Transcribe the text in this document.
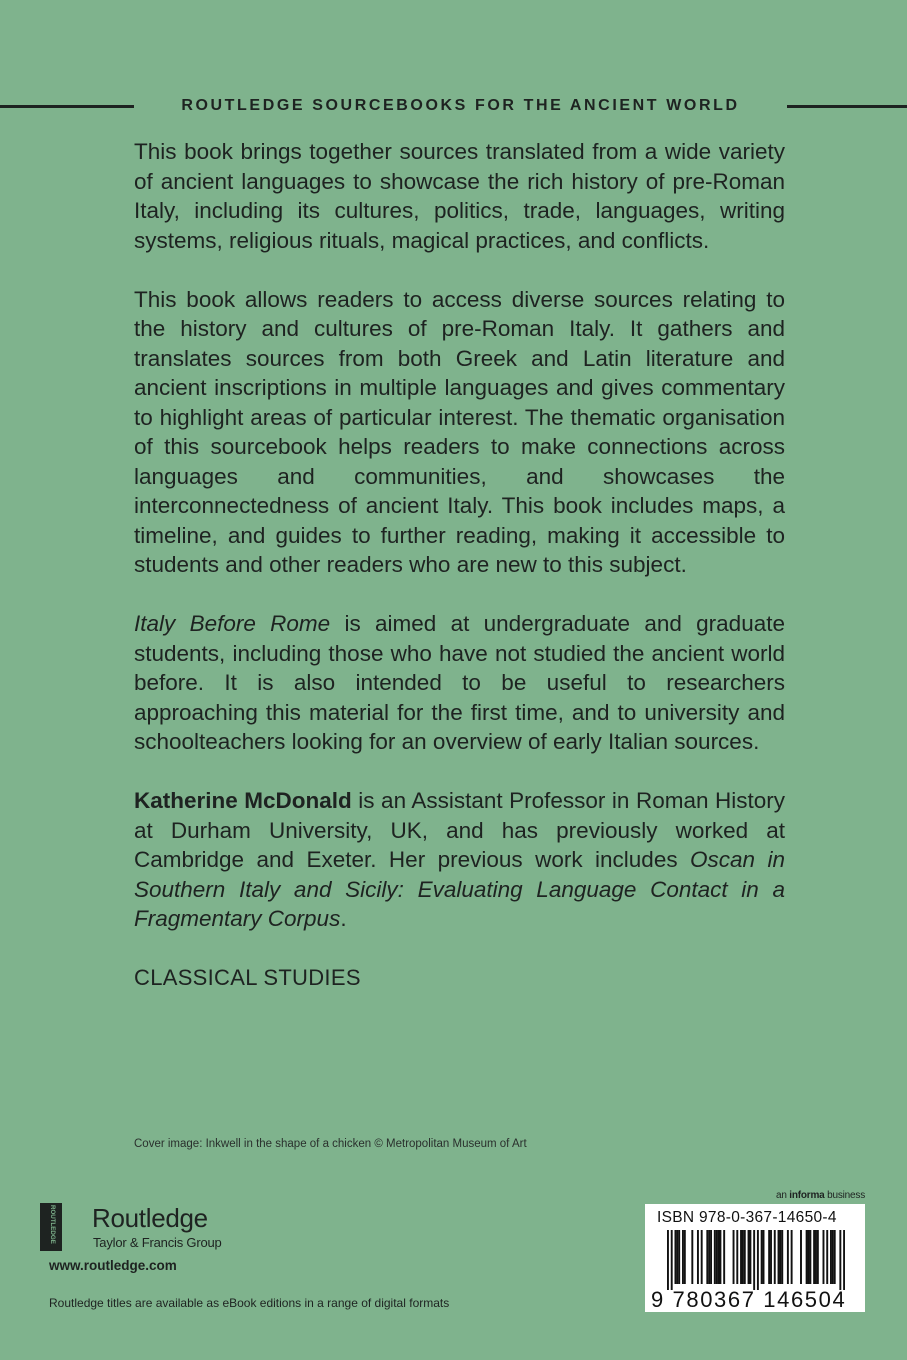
ROUTLEDGE SOURCEBOOKS FOR THE ANCIENT WORLD

This book brings together sources translated from a wide variety of ancient languages to showcase the rich history of pre-Roman Italy, including its cultures, politics, trade, languages, writing systems, religious rituals, magical practices, and conflicts.

This book allows readers to access diverse sources relating to the history and cultures of pre-Roman Italy. It gathers and translates sources from both Greek and Latin literature and ancient inscriptions in multiple languages and gives commentary to highlight areas of particular interest. The thematic organisation of this sourcebook helps readers to make connections across languages and communities, and showcases the interconnectedness of ancient Italy. This book includes maps, a timeline, and guides to further reading, making it accessible to students and other readers who are new to this subject.

Italy Before Rome is aimed at undergraduate and graduate students, including those who have not studied the ancient world before. It is also intended to be useful to researchers approaching this material for the first time, and to university and schoolteachers looking for an overview of early Italian sources.

Katherine McDonald is an Assistant Professor in Roman History at Durham University, UK, and has previously worked at Cambridge and Exeter. Her previous work includes Oscan in Southern Italy and Sicily: Evaluating Language Contact in a Fragmentary Corpus.

CLASSICAL STUDIES
Cover image: Inkwell in the shape of a chicken © Metropolitan Museum of Art
ROUTLEDGE Routledge
Taylor & Francis Group
www.routledge.com
Routledge titles are available as eBook editions in a range of digital formats
an informa business
ISBN 978-0-367-14650-4
9 780367 146504
